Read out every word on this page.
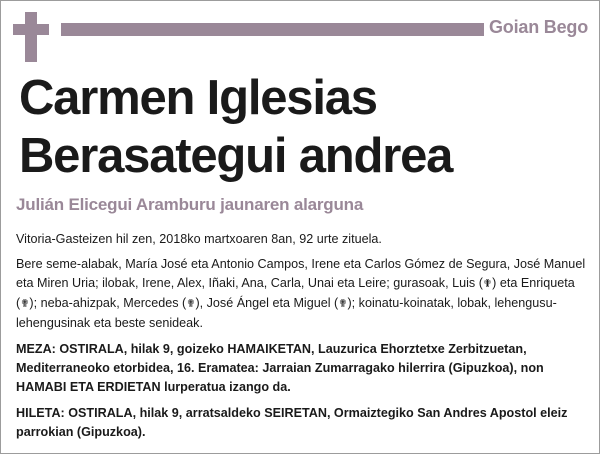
Goian Bego
Carmen Iglesias
Berasategui andrea
Julián Elicegui Aramburu jaunaren alarguna

Vitoria-Gasteizen hil zen, 2018ko martxoaren 8an, 92 urte zituela.

Bere seme-alabak, María José eta Antonio Campos, Irene eta Carlos Gómez de Segura, José Manuel eta Miren Uria; ilobak, Irene, Alex, Iñaki, Ana, Carla, Unai eta Leire; gurasoak, Luis (✟) eta Enriqueta (✟); neba-ahizpak, Mercedes (✟), José Ángel eta Miguel (✟); koinatu-koinatak, lobak, lehengusu-lehengusinak eta beste senideak.

MEZA: OSTIRALA, hilak 9, goizeko HAMAIKETAN, Lauzurica Ehorztetxe Zerbitzuetan, Mediterraneoko etorbidea, 16. Eramatea: Jarraian Zumarragako hilerrira (Gipuzkoa), non HAMABI ETA ERDIETAN lurperatua izango da.

HILETA: OSTIRALA, hilak 9, arratsaldeko SEIRETAN, Ormaiztegiko San Andres Apostol eleiz parrokian (Gipuzkoa).
